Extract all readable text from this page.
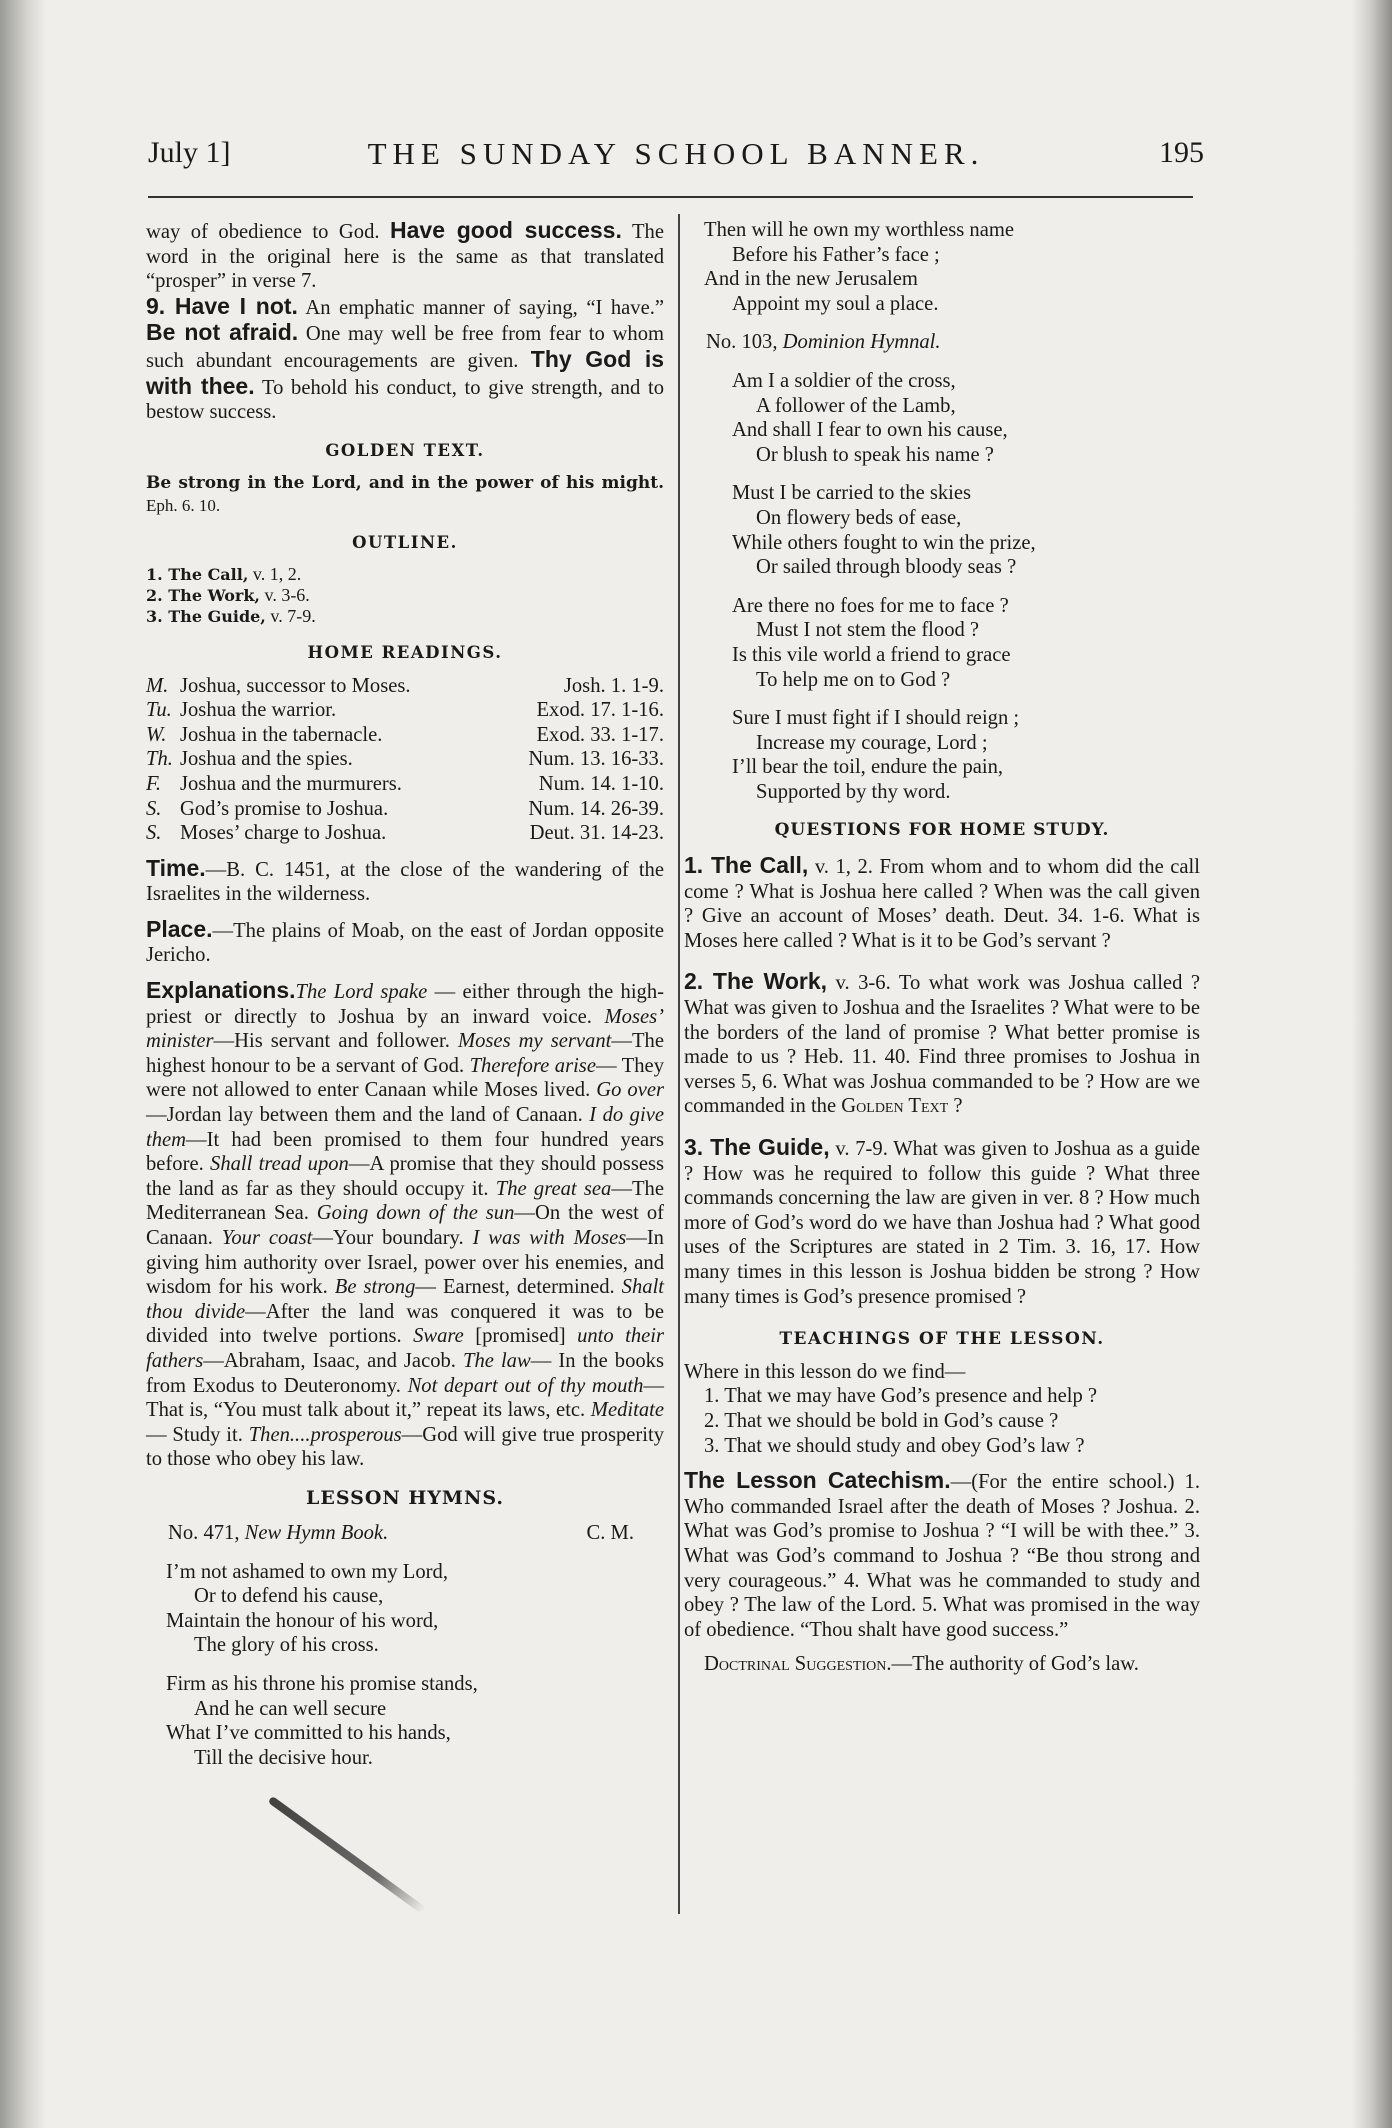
July 1]	THE SUNDAY SCHOOL BANNER.	195

way of obedience to God. Have good success. The word in the original here is the same as that translated “prosper” in verse 7.

9. Have I not. An emphatic manner of saying, “I have.” Be not afraid. One may well be free from fear to whom such abundant encouragements are given. Thy God is with thee. To behold his conduct, to give strength, and to bestow success.

GOLDEN TEXT.

Be strong in the Lord, and in the power of his might. Eph. 6. 10.

OUTLINE.
1. The Call, v. 1, 2.
2. The Work, v. 3-6.
3. The Guide, v. 7-9.
HOME READINGS.
M. Joshua, successor to Moses.	Josh. 1. 1-9.
Tu. Joshua the warrior.	Exod. 17. 1-16.
W. Joshua in the tabernacle.	Exod. 33. 1-17.
Th. Joshua and the spies.	Num. 13. 16-33.
F. Joshua and the murmurers.	Num. 14. 1-10.
S. God’s promise to Joshua.	Num. 14. 26-39.
S. Moses’ charge to Joshua.	Deut. 31. 14-23.

Time.—B. C. 1451, at the close of the wandering of the Israelites in the wilderness.

Place.—The plains of Moab, on the east of Jordan opposite Jericho.

Explanations.The Lord spake — either through the high-priest or directly to Joshua by an inward voice. Moses’ minister—His servant and follower. Moses my servant—The highest honour to be a servant of God. Therefore arise— They were not allowed to enter Canaan while Moses lived. Go over—Jordan lay between them and the land of Canaan. I do give them—It had been promised to them four hundred years before. Shall tread upon—A promise that they should possess the land as far as they should occupy it. The great sea—The Mediterranean Sea. Going down of the sun—On the west of Canaan. Your coast—Your boundary. I was with Moses—In giving him authority over Israel, power over his enemies, and wisdom for his work. Be strong— Earnest, determined. Shalt thou divide—After the land was conquered it was to be divided into twelve portions. Sware [promised] unto their fathers—Abraham, Isaac, and Jacob. The law— In the books from Exodus to Deuteronomy. Not depart out of thy mouth—That is, “You must talk about it,” repeat its laws, etc. Meditate— Study it. Then....prosperous—God will give true prosperity to those who obey his law.

LESSON HYMNS.
No. 471, New Hymn Book.	C. M.
I’m not ashamed to own my Lord,
Or to defend his cause,
Maintain the honour of his word,
The glory of his cross.
Firm as his throne his promise stands,
And he can well secure
What I’ve committed to his hands,
Till the decisive hour.
Then will he own my worthless name
Before his Father’s face ;
And in the new Jerusalem
Appoint my soul a place.
No. 103, Dominion Hymnal.
Am I a soldier of the cross,
A follower of the Lamb,
And shall I fear to own his cause,
Or blush to speak his name ?
Must I be carried to the skies
On flowery beds of ease,
While others fought to win the prize,
Or sailed through bloody seas ?
Are there no foes for me to face ?
Must I not stem the flood ?
Is this vile world a friend to grace
To help me on to God ?
Sure I must fight if I should reign ;
Increase my courage, Lord ;
I’ll bear the toil, endure the pain,
Supported by thy word.
QUESTIONS FOR HOME STUDY.

1. The Call, v. 1, 2. From whom and to whom did the call come ? What is Joshua here called ? When was the call given ? Give an account of Moses’ death. Deut. 34. 1-6. What is Moses here called ? What is it to be God’s servant ?

2. The Work, v. 3-6. To what work was Joshua called ? What was given to Joshua and the Israelites ? What were to be the borders of the land of promise ? What better promise is made to us ? Heb. 11. 40. Find three promises to Joshua in verses 5, 6. What was Joshua commanded to be ? How are we commanded in the Golden Text ?

3. The Guide, v. 7-9. What was given to Joshua as a guide ? How was he required to follow this guide ? What three commands concerning the law are given in ver. 8 ? How much more of God’s word do we have than Joshua had ? What good uses of the Scriptures are stated in 2 Tim. 3. 16, 17. How many times in this lesson is Joshua bidden be strong ? How many times is God’s presence promised ?

TEACHINGS OF THE LESSON.
Where in this lesson do we find—
1. That we may have God’s presence and help ?
2. That we should be bold in God’s cause ?
3. That we should study and obey God’s law ?

The Lesson Catechism.—(For the entire school.) 1. Who commanded Israel after the death of Moses ? Joshua. 2. What was God’s promise to Joshua ? “I will be with thee.” 3. What was God’s command to Joshua ? “Be thou strong and very courageous.” 4. What was he commanded to study and obey ? The law of the Lord. 5. What was promised in the way of obedience. “Thou shalt have good success.”

Doctrinal Suggestion.—The authority of God’s law.
